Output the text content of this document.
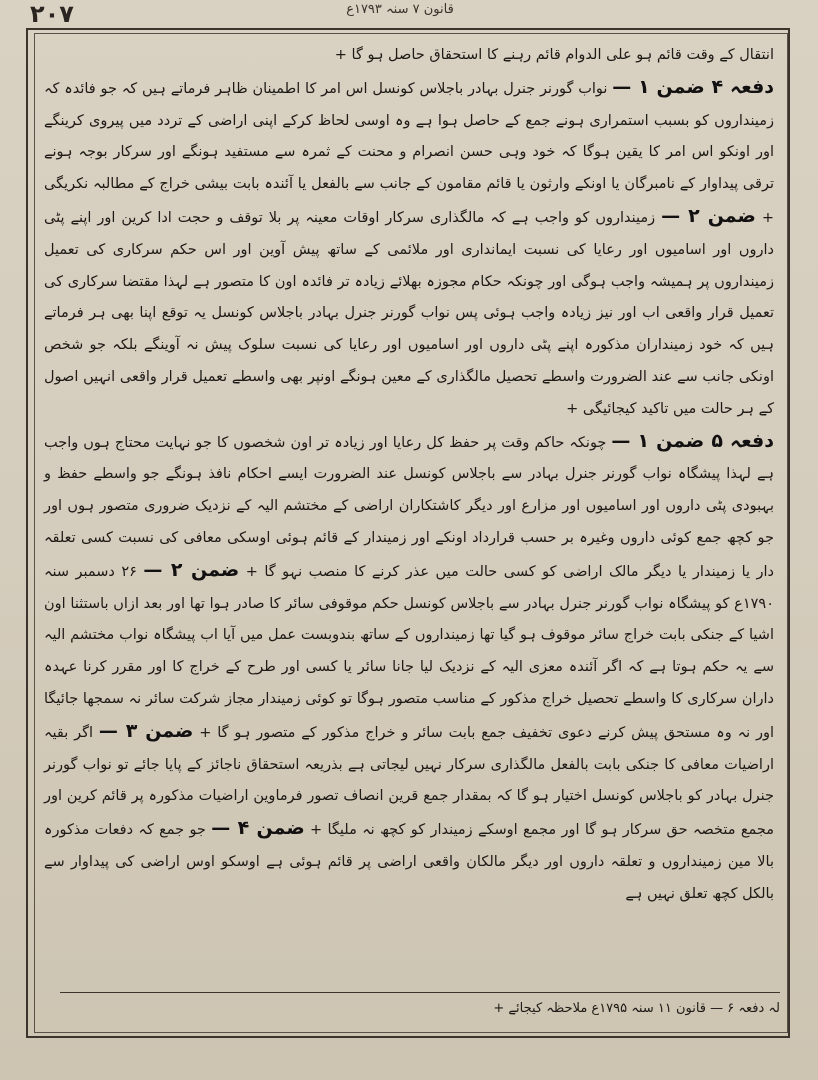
۲۰۷	قانون ۷ سنہ ۱۷۹۳ع

انتقال کے وقت قائم ہو علی الدوام قائم رہنے کا استحقاق حاصل ہو گا +

دفعہ ۴ ضمن ۱ — نواب گورنر جنرل بہادر باجلاس کونسل اس امر کا اطمینان ظاہر فرماتے ہیں کہ جو فائدہ کہ زمینداروں کو بسبب استمراری ہونے جمع کے حاصل ہوا ہے وہ اوسی لحاظ کرکے اپنی اراضی کے تردد میں پیروی کرینگے اور اونکو اس امر کا یقین ہوگا کہ خود وہی حسن انصرام و محنت کے ثمرہ سے مستفید ہونگے اور سرکار بوجہ ہونے ترقی پیداوار کے نامبرگان یا اونکے وارثون یا قائم مقامون کے جانب سے بالفعل یا آئندہ بابت بیشی خراج کے مطالبہ نکریگی + ضمن ۲ — زمینداروں کو واجب ہے کہ مالگذاری سرکار اوقات معینہ پر بلا توقف و حجت ادا کرین اور اپنے پٹی داروں اور اسامیوں اور رعایا کی نسبت ایمانداری اور ملائمی کے ساتھ پیش آوین اور اس حکم سرکاری کی تعمیل زمینداروں پر ہمیشہ واجب ہوگی اور چونکہ حکام مجوزہ بھلائے زیادہ تر فائدہ اون کا متصور ہے لہذا مقتضا سرکاری کی تعمیل قرار واقعی اب اور نیز زیادہ واجب ہوئی پس نواب گورنر جنرل بہادر باجلاس کونسل یہ توقع اپنا بھی ہر فرماتے ہیں کہ خود زمینداران مذکورہ اپنے پٹی داروں اور اسامیوں اور رعایا کی نسبت سلوک پیش نہ آوینگے بلکہ جو شخص اونکی جانب سے عند الضرورت واسطے تحصیل مالگذاری کے معین ہونگے اونپر بھی واسطے تعمیل قرار واقعی انہیں اصول کے ہر حالت میں تاکید کیجائیگی +

دفعہ ۵ ضمن ۱ — چونکہ حاکم وقت پر حفظ کل رعایا اور زیادہ تر اون شخصوں کا جو نہایت محتاج ہوں واجب ہے لہذا پیشگاہ نواب گورنر جنرل بہادر سے باجلاس کونسل عند الضرورت ایسے احکام نافذ ہونگے جو واسطے حفظ و بہبودی پٹی داروں اور اسامیوں اور مزارع اور دیگر کاشتکاران اراضی کے مختشم الیہ کے نزدیک ضروری متصور ہوں اور جو کچھ جمع کوئی داروں وغیرہ بر حسب قرارداد اونکے اور زمیندار کے قائم ہوئی اوسکی معافی کی نسبت کسی تعلقہ دار یا زمیندار یا دیگر مالک اراضی کو کسی حالت میں عذر کرنے کا منصب نہو گا + ضمن ۲ — ۲۶ دسمبر سنہ ۱۷۹۰ع کو پیشگاہ نواب گورنر جنرل بہادر سے باجلاس کونسل حکم موقوفی سائر کا صادر ہوا تھا اور بعد ازاں باستثنا اون اشیا کے جنکی بابت خراج سائر موقوف ہو گیا تھا زمینداروں کے ساتھ بندوبست عمل میں آیا اب پیشگاہ نواب مختشم الیہ سے یہ حکم ہوتا ہے کہ اگر آئندہ معزی الیہ کے نزدیک لیا جانا سائر یا کسی اور طرح کے خراج کا اور مقرر کرنا عہدہ داران سرکاری کا واسطے تحصیل خراج مذکور کے مناسب متصور ہوگا تو کوئی زمیندار مجاز شرکت سائر نہ سمجھا جائیگا اور نہ وہ مستحق پیش کرنے دعوی تخفیف جمع بابت سائر و خراج مذکور کے متصور ہو گا + ضمن ۳ — اگر بقیہ اراضیات معافی کا جنکی بابت بالفعل مالگذاری سرکار نہیں لیجاتی ہے بذریعہ استحقاق ناجائز کے پایا جائے تو نواب گورنر جنرل بہادر کو باجلاس کونسل اختیار ہو گا کہ بمقدار جمع قرین انصاف تصور فرماوین اراضیات مذکورہ پر قائم کرین اور مجمع متخصہ حق سرکار ہو گا اور مجمع اوسکے زمیندار کو کچھ نہ ملیگا + ضمن ۴ — جو جمع کہ دفعات مذکورہ بالا مین زمینداروں و تعلقہ داروں اور دیگر مالکان واقعی اراضی پر قائم ہوئی ہے اوسکو اوس اراضی کی پیداوار سے بالکل کچھ تعلق نہیں ہے

لہ دفعہ ۶ — قانون ۱۱ سنہ ۱۷۹۵ع ملاحظہ کیجائے +
